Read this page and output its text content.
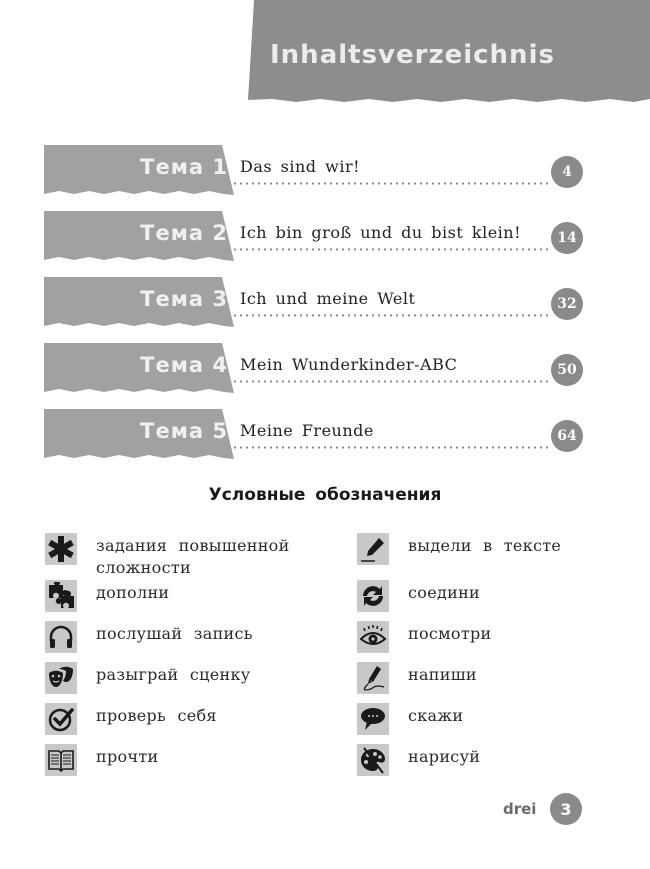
Inhaltsverzeichnis
Тема 1 Das sind wir!	4
Тема 2 Ich bin groß und du bist klein!	14
Тема 3 Ich und meine Welt	32
Тема 4 Mein Wunderkinder-ABC	50
Тема 5 Meine Freunde	64
Условные обозначения
задания повышенной
сложности
дополни
послушай запись
разыграй сценку
проверь себя
прочти
выдели в тексте
соедини
посмотри
напиши
скажи
нарисуй
drei	3
